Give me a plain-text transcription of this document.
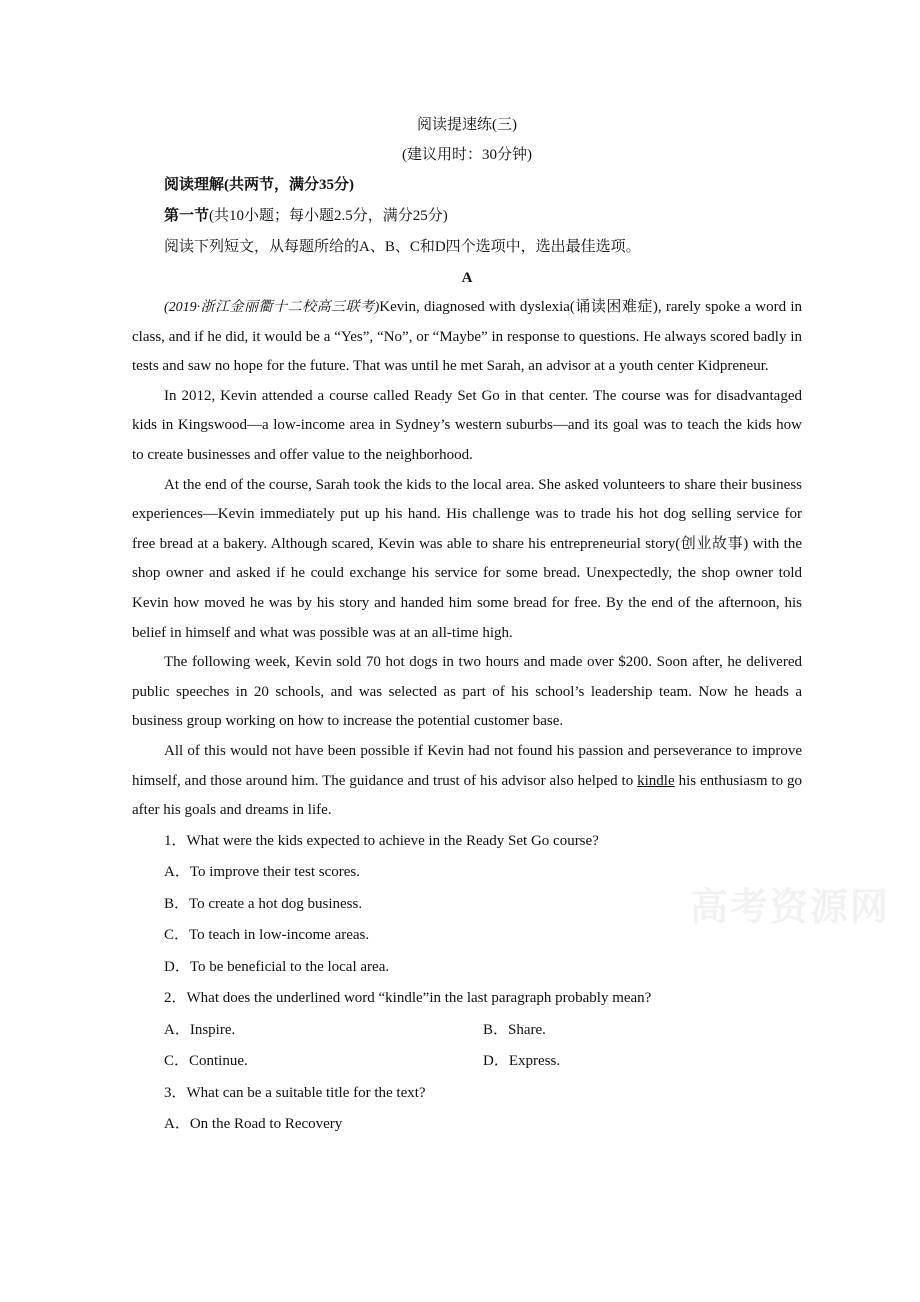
阅读提速练(三)
(建议用时：30分钟)
阅读理解(共两节，满分35分)
第一节(共10小题；每小题2.5分，满分25分)
阅读下列短文，从每题所给的A、B、C和D四个选项中，选出最佳选项。
A

(2019·浙江金丽衢十二校高三联考)Kevin, diagnosed with dyslexia(诵读困难症), rarely spoke a word in class, and if he did, it would be a “Yes”, “No”, or “Maybe” in response to questions. He always scored badly in tests and saw no hope for the future. That was until he met Sarah, an advisor at a youth center Kidpreneur.

In 2012, Kevin attended a course called Ready Set Go in that center. The course was for disadvantaged kids in Kingswood—a low-income area in Sydney’s western suburbs—and its goal was to teach the kids how to create businesses and offer value to the neighborhood.

At the end of the course, Sarah took the kids to the local area. She asked volunteers to share their business experiences—Kevin immediately put up his hand. His challenge was to trade his hot dog selling service for free bread at a bakery. Although scared, Kevin was able to share his entrepreneurial story(创业故事) with the shop owner and asked if he could exchange his service for some bread. Unexpectedly, the shop owner told Kevin how moved he was by his story and handed him some bread for free. By the end of the afternoon, his belief in himself and what was possible was at an all-time high.

The following week, Kevin sold 70 hot dogs in two hours and made over $200. Soon after, he delivered public speeches in 20 schools, and was selected as part of his school’s leadership team. Now he heads a business group working on how to increase the potential customer base.

All of this would not have been possible if Kevin had not found his passion and perseverance to improve himself, and those around him. The guidance and trust of his advisor also helped to kindle his enthusiasm to go after his goals and dreams in life.

1．What were the kids expected to achieve in the Ready Set Go course?
A．To improve their test scores.
B．To create a hot dog business.
C．To teach in low-income areas.
D．To be beneficial to the local area.
2．What does the underlined word “kindle”in the last paragraph probably mean?
A．Inspire.	B．Share.
C．Continue.	D．Express.
3．What can be a suitable title for the text?
A．On the Road to Recovery
高考资源网
